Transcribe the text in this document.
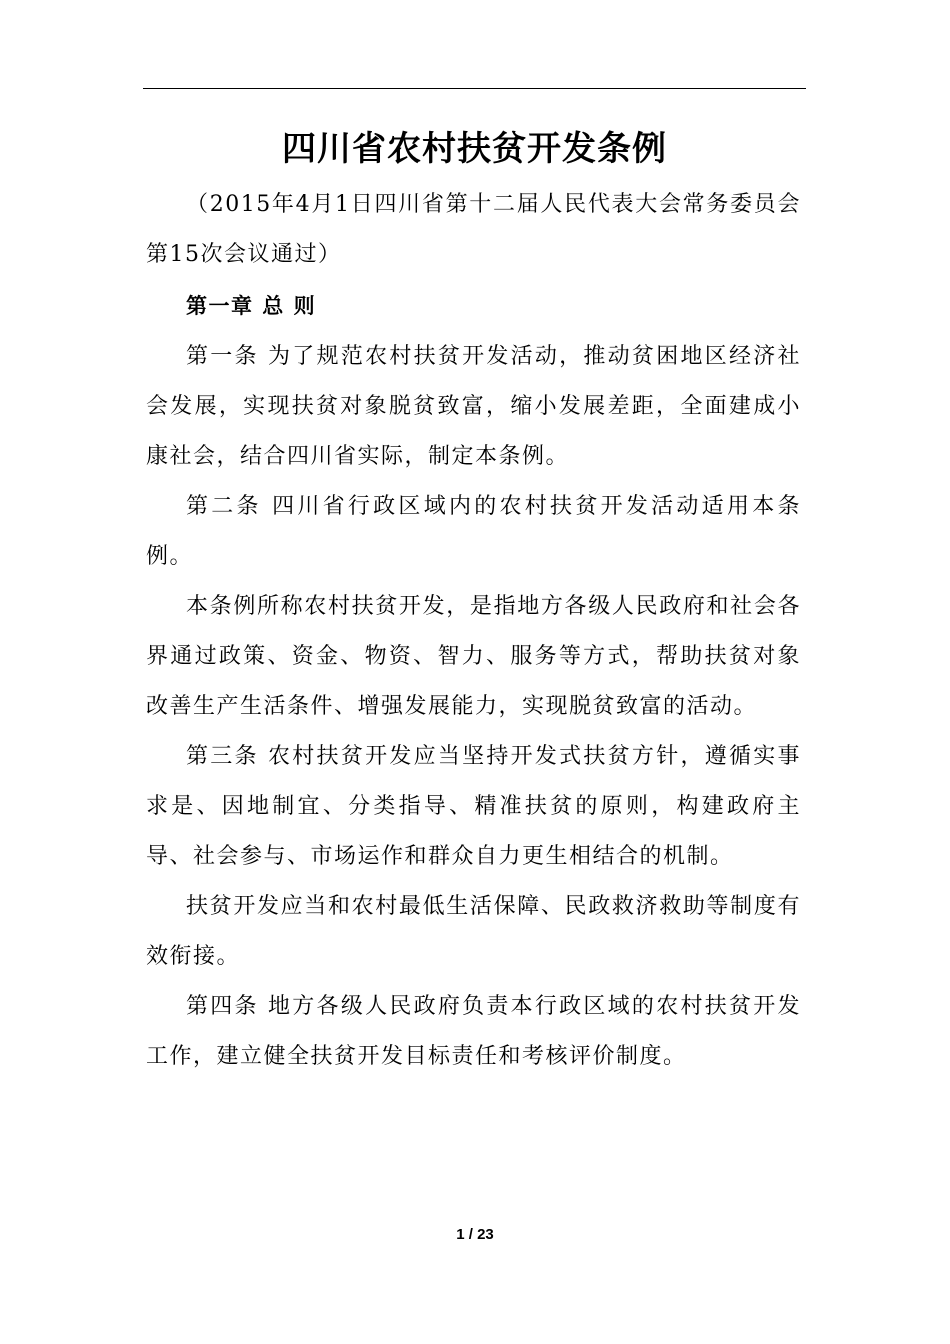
四川省农村扶贫开发条例

（2015年4月1日四川省第十二届人民代表大会常务委员会第15次会议通过）

第一章 总 则

第一条 为了规范农村扶贫开发活动，推动贫困地区经济社会发展，实现扶贫对象脱贫致富，缩小发展差距，全面建成小康社会，结合四川省实际，制定本条例。

第二条 四川省行政区域内的农村扶贫开发活动适用本条例。

本条例所称农村扶贫开发，是指地方各级人民政府和社会各界通过政策、资金、物资、智力、服务等方式，帮助扶贫对象改善生产生活条件、增强发展能力，实现脱贫致富的活动。

第三条 农村扶贫开发应当坚持开发式扶贫方针，遵循实事求是、因地制宜、分类指导、精准扶贫的原则，构建政府主导、社会参与、市场运作和群众自力更生相结合的机制。

扶贫开发应当和农村最低生活保障、民政救济救助等制度有效衔接。

第四条 地方各级人民政府负责本行政区域的农村扶贫开发工作，建立健全扶贫开发目标责任和考核评价制度。

1 / 23
